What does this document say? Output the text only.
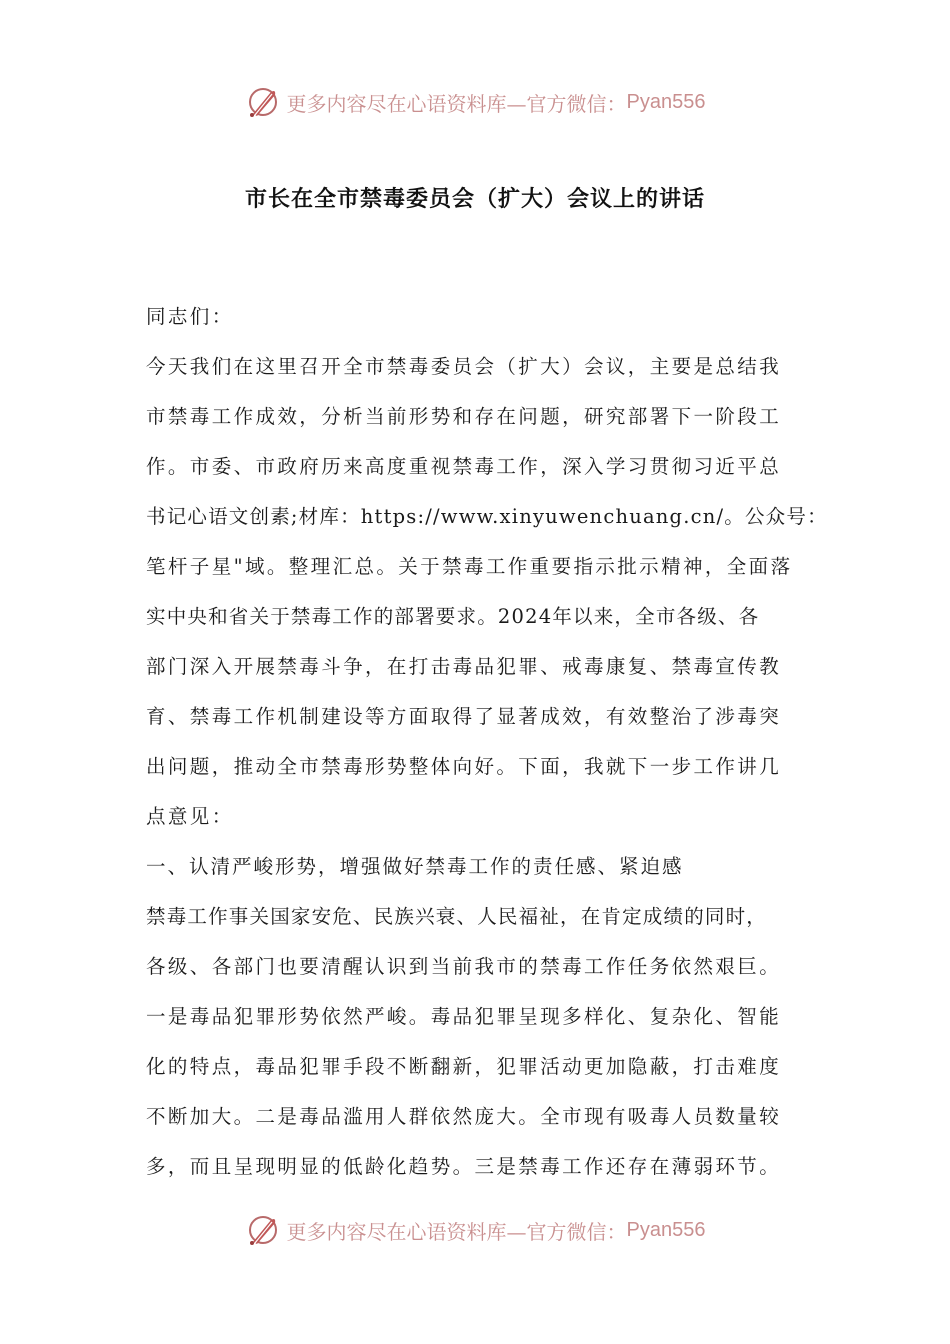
更多内容尽在心语资料库—官方微信： Pyan556
市长在全市禁毒委员会（扩大）会议上的讲话
同志们：
今天我们在这里召开全市禁毒委员会（扩大）会议，主要是总结我
市禁毒工作成效，分析当前形势和存在问题，研究部署下一阶段工
作。市委、市政府历来高度重视禁毒工作，深入学习贯彻习近平总
书记心语文创素;材库：https://www.xinyuwenchuang.cn/。公众号：
笔杆子星"域。整理汇总。关于禁毒工作重要指示批示精神，全面落
实中央和省关于禁毒工作的部署要求。2024年以来，全市各级、各
部门深入开展禁毒斗争，在打击毒品犯罪、戒毒康复、禁毒宣传教
育、禁毒工作机制建设等方面取得了显著成效，有效整治了涉毒突
出问题，推动全市禁毒形势整体向好。下面，我就下一步工作讲几
点意见：
一、认清严峻形势，增强做好禁毒工作的责任感、紧迫感
禁毒工作事关国家安危、民族兴衰、人民福祉，在肯定成绩的同时，
各级、各部门也要清醒认识到当前我市的禁毒工作任务依然艰巨。
一是毒品犯罪形势依然严峻。毒品犯罪呈现多样化、复杂化、智能
化的特点，毒品犯罪手段不断翻新，犯罪活动更加隐蔽，打击难度
不断加大。二是毒品滥用人群依然庞大。全市现有吸毒人员数量较
多，而且呈现明显的低龄化趋势。三是禁毒工作还存在薄弱环节。
更多内容尽在心语资料库—官方微信： Pyan556
